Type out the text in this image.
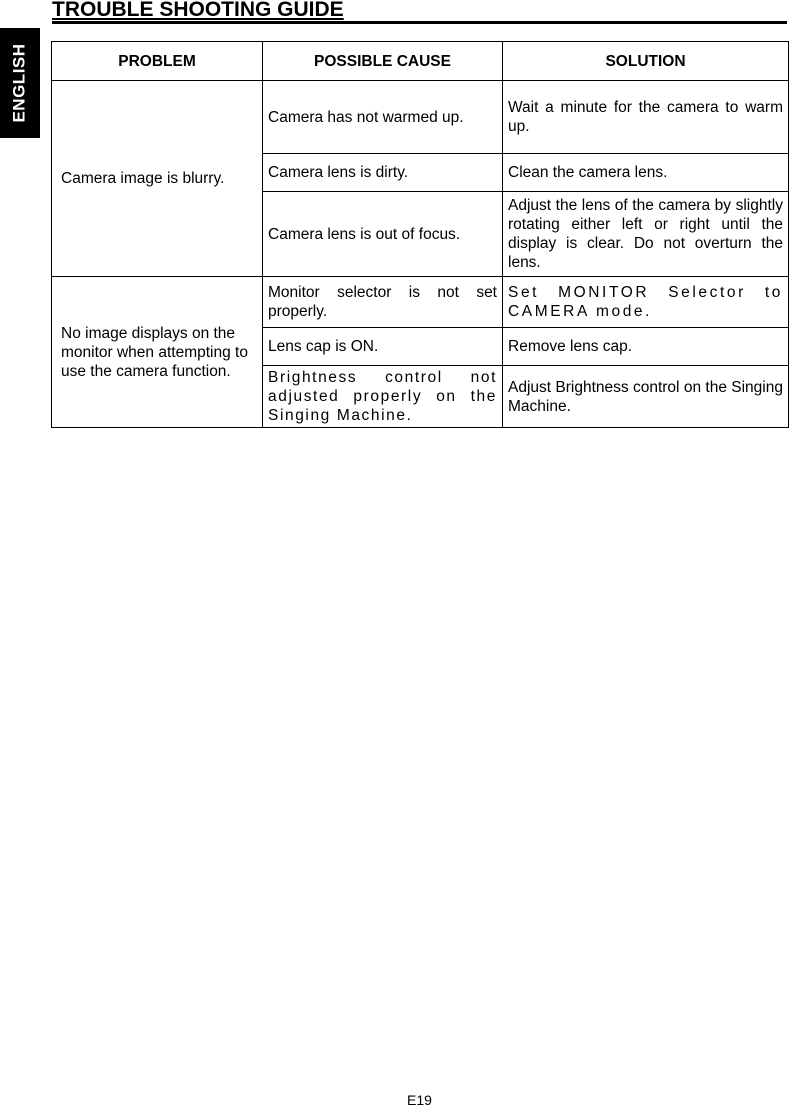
ENGLISH
TROUBLE SHOOTING GUIDE
PROBLEM	POSSIBLE CAUSE	SOLUTION
Camera image is blurry.	Camera has not warmed up.	Wait a minute for the camera to warm up.
	Camera lens is dirty.	Clean the camera lens.
	Camera lens is out of focus.	Adjust the lens of the camera by slightly rotating either left or right until the display is clear. Do not overturn the lens.
No image displays on the monitor when attempting to use the camera function.	Monitor selector is not set properly.	Set MONITOR Selector to CAMERA mode.
	Lens cap is ON.	Remove lens cap.
	Brightness control not adjusted properly on the Singing Machine.	Adjust Brightness control on the Singing Machine.
E19
